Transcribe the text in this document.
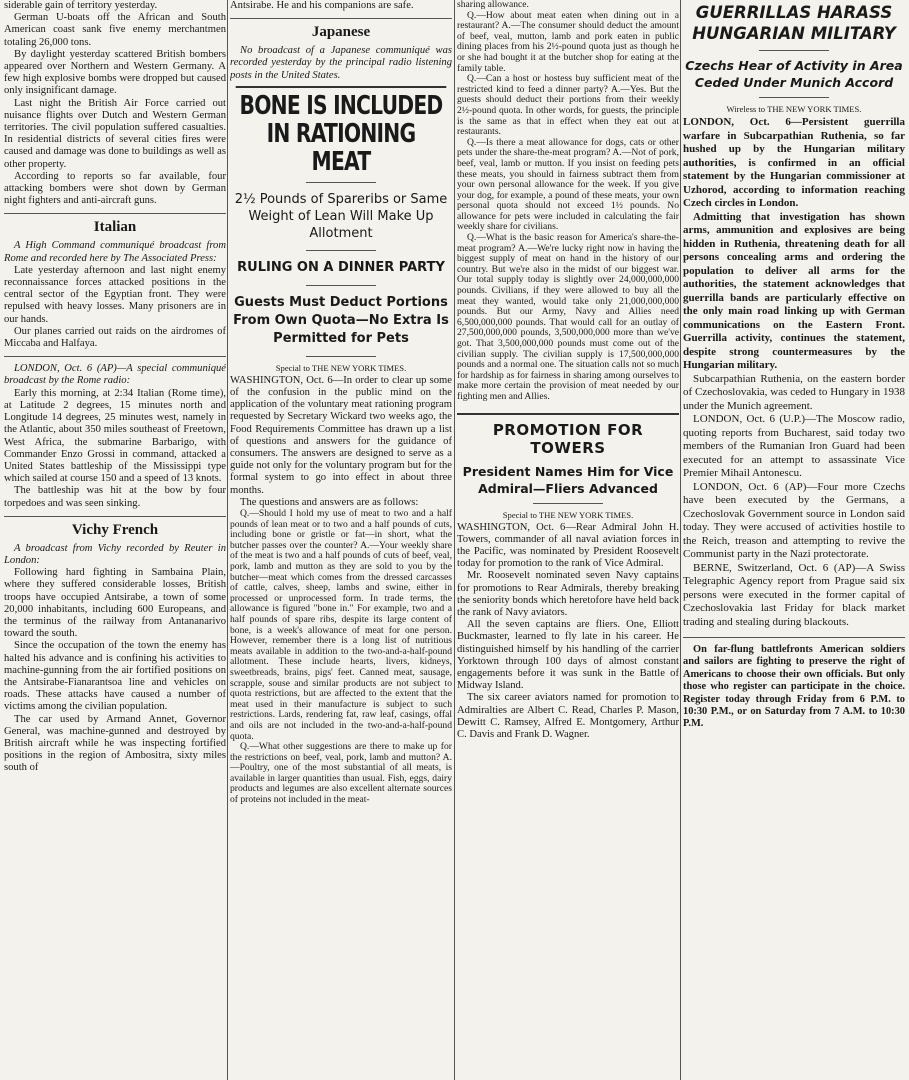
siderable gain of territory yesterday.

German U-boats off the African and South American coast sank five enemy merchantmen totaling 26,000 tons.

By daylight yesterday scattered British bombers appeared over Northern and Western Germany. A few high explosive bombs were dropped but caused only insignificant damage.

Last night the British Air Force carried out nuisance flights over Dutch and Western German territories. The civil population suffered casualties. In residential districts of several cities fires were caused and damage was done to buildings as well as other property.

According to reports so far available, four attacking bombers were shot down by German night fighters and anti-aircraft guns.

Italian

A High Command communiqué broadcast from Rome and recorded here by The Associated Press:

Late yesterday afternoon and last night enemy reconnaissance forces attacked positions in the central sector of the Egyptian front. They were repulsed with heavy losses. Many prisoners are in our hands.

Our planes carried out raids on the airdromes of Miccaba and Halfaya.

LONDON, Oct. 6 (AP)—A special communiqué broadcast by the Rome radio:

Early this morning, at 2:34 Italian (Rome time), at Latitude 2 degrees, 15 minutes north and Longitude 14 degrees, 25 minutes west, namely in the Atlantic, about 350 miles southeast of Freetown, West Africa, the submarine Barbarigo, with Commander Enzo Grossi in command, attacked a United States battleship of the Mississippi type which sailed at course 150 and a speed of 13 knots.

The battleship was hit at the bow by four torpedoes and was seen sinking.

Vichy French

A broadcast from Vichy recorded by Reuter in London:

Following hard fighting in Sambaina Plain, where they suffered considerable losses, British troops have occupied Antsirabe, a town of some 20,000 inhabitants, including 600 Europeans, and the terminus of the railway from Antananarivo toward the south.

Since the occupation of the town the enemy has halted his advance and is confining his activities to machine-gunning from the air fortified positions on the Antsirabe-Fianarantsoa line and vehicles on roads. These attacks have caused a number of victims among the civilian population.

The car used by Armand Annet, Governor General, was machine-gunned and destroyed by British aircraft while he was inspecting fortified positions in the region of Ambositra, sixty miles south of

Antsirabe. He and his companions are safe.

Japanese

No broadcast of a Japanese communiqué was recorded yesterday by the principal radio listening posts in the United States.

BONE IS INCLUDED IN RATIONING MEAT
2½ Pounds of Spareribs or Same Weight of Lean Will Make Up Allotment
RULING ON A DINNER PARTY
Guests Must Deduct Portions From Own Quota—No Extra Is Permitted for Pets
Special to THE NEW YORK TIMES.

WASHINGTON, Oct. 6—In order to clear up some of the confusion in the public mind on the application of the voluntary meat rationing program requested by Secretary Wickard two weeks ago, the Food Requirements Committee has drawn up a list of questions and answers for the guidance of consumers. The answers are designed to serve as a guide not only for the voluntary program but for the formal system to go into effect in about three months.

The questions and answers are as follows:

Q.—Should I hold my use of meat to two and a half pounds of lean meat or to two and a half pounds of cuts, including bone or gristle or fat—in short, what the butcher passes over the counter? A.—Your weekly share of the meat is two and a half pounds of cuts of beef, veal, pork, lamb and mutton as they are sold to you by the butcher—meat which comes from the dressed carcasses of cattle, calves, sheep, lambs and swine, either in processed or unprocessed form. In trade terms, the allowance is figured "bone in." For example, two and a half pounds of spare ribs, despite its large content of bone, is a week's allowance of meat for one person. However, remember there is a long list of nutritious meats available in addition to the two-and-a-half-pound allotment. These include hearts, livers, kidneys, sweetbreads, brains, pigs' feet. Canned meat, sausage, scrapple, souse and similar products are not subject to quota restrictions, but are affected to the extent that the meat used in their manufacture is subject to such restrictions. Lards, rendering fat, raw leaf, casings, offal and oils are not included in the two-and-a-half-pound quota.

Q.—What other suggestions are there to make up for the restrictions on beef, veal, pork, lamb and mutton? A.—Poultry, one of the most substantial of all meats, is available in larger quantities than usual. Fish, eggs, dairy products and legumes are also excellent alternate sources of proteins not included in the meat-

sharing allowance.

Q.—How about meat eaten when dining out in a restaurant? A.—The consumer should deduct the amount of beef, veal, mutton, lamb and pork eaten in public dining places from his 2½-pound quota just as though he or she had bought it at the butcher shop for eating at the family table.

Q.—Can a host or hostess buy sufficient meat of the restricted kind to feed a dinner party? A.—Yes. But the guests should deduct their portions from their weekly 2½-pound quota. In other words, for guests, the principle is the same as that in effect when they eat out at restaurants.

Q.—Is there a meat allowance for dogs, cats or other pets under the share-the-meat program? A.—Not of pork, beef, veal, lamb or mutton. If you insist on feeding pets these meats, you should in fairness subtract them from your own personal allowance for the week. If you give your dog, for example, a pound of these meats, your own personal quota should not exceed 1½ pounds. No allowance for pets were included in calculating the fair weekly share for civilians.

Q.—What is the basic reason for America's share-the-meat program? A.—We're lucky right now in having the biggest supply of meat on hand in the history of our country. But we're also in the midst of our biggest war. Our total supply today is slightly over 24,000,000,000 pounds. Civilians, if they were allowed to buy all the meat they wanted, would take only 21,000,000,000 pounds. But our Army, Navy and Allies need 6,500,000,000 pounds. That would call for an outlay of 27,500,000,000 pounds, 3,500,000,000 more than we've got. That 3,500,000,000 pounds must come out of the civilian supply. The civilian supply is 17,500,000,000 pounds and a normal one. The situation calls not so much for hardship as for fairness in sharing among ourselves to make more certain the provision of meat needed by our fighting men and Allies.

PROMOTION FOR TOWERS
President Names Him for Vice Admiral—Fliers Advanced
Special to THE NEW YORK TIMES.

WASHINGTON, Oct. 6—Rear Admiral John H. Towers, commander of all naval aviation forces in the Pacific, was nominated by President Roosevelt today for promotion to the rank of Vice Admiral.

Mr. Roosevelt nominated seven Navy captains for promotions to Rear Admirals, thereby breaking the seniority bonds which heretofore have held back the rank of Navy aviators.

All the seven captains are fliers. One, Elliott Buckmaster, learned to fly late in his career. He distinguished himself by his handling of the carrier Yorktown through 100 days of almost constant engagements before it was sunk in the Battle of Midway Island.

The six career aviators named for promotion to Admiralties are Albert C. Read, Charles P. Mason, Dewitt C. Ramsey, Alfred E. Montgomery, Arthur C. Davis and Frank D. Wagner.

GUERRILLAS HARASS HUNGARIAN MILITARY
Czechs Hear of Activity in Area Ceded Under Munich Accord
Wireless to THE NEW YORK TIMES.

LONDON, Oct. 6—Persistent guerrilla warfare in Subcarpathian Ruthenia, so far hushed up by the Hungarian military authorities, is confirmed in an official statement by the Hungarian commissioner at Uzhorod, according to information reaching Czech circles in London.

Admitting that investigation has shown arms, ammunition and explosives are being hidden in Ruthenia, threatening death for all persons concealing arms and ordering the population to deliver all arms for the authorities, the statement acknowledges that guerrilla bands are particularly effective on the only main road linking up with German communications on the Eastern Front. Guerrilla activity, continues the statement, despite strong countermeasures by the Hungarian military.

Subcarpathian Ruthenia, on the eastern border of Czechoslovakia, was ceded to Hungary in 1938 under the Munich agreement.

LONDON, Oct. 6 (U.P.)—The Moscow radio, quoting reports from Bucharest, said today two members of the Rumanian Iron Guard had been executed for an attempt to assassinate Vice Premier Mihail Antonescu.

LONDON, Oct. 6 (AP)—Four more Czechs have been executed by the Germans, a Czechoslovak Government source in London said today. They were accused of activities hostile to the Reich, treason and attempting to revive the Communist party in the Nazi protectorate.

BERNE, Switzerland, Oct. 6 (AP)—A Swiss Telegraphic Agency report from Prague said six persons were executed in the former capital of Czechoslovakia last Friday for black market trading and stealing during blackouts.

On far-flung battlefronts American soldiers and sailors are fighting to preserve the right of Americans to choose their own officials. But only those who register can participate in the choice. Register today through Friday from 6 P.M. to 10:30 P.M., or on Saturday from 7 A.M. to 10:30 P.M.
